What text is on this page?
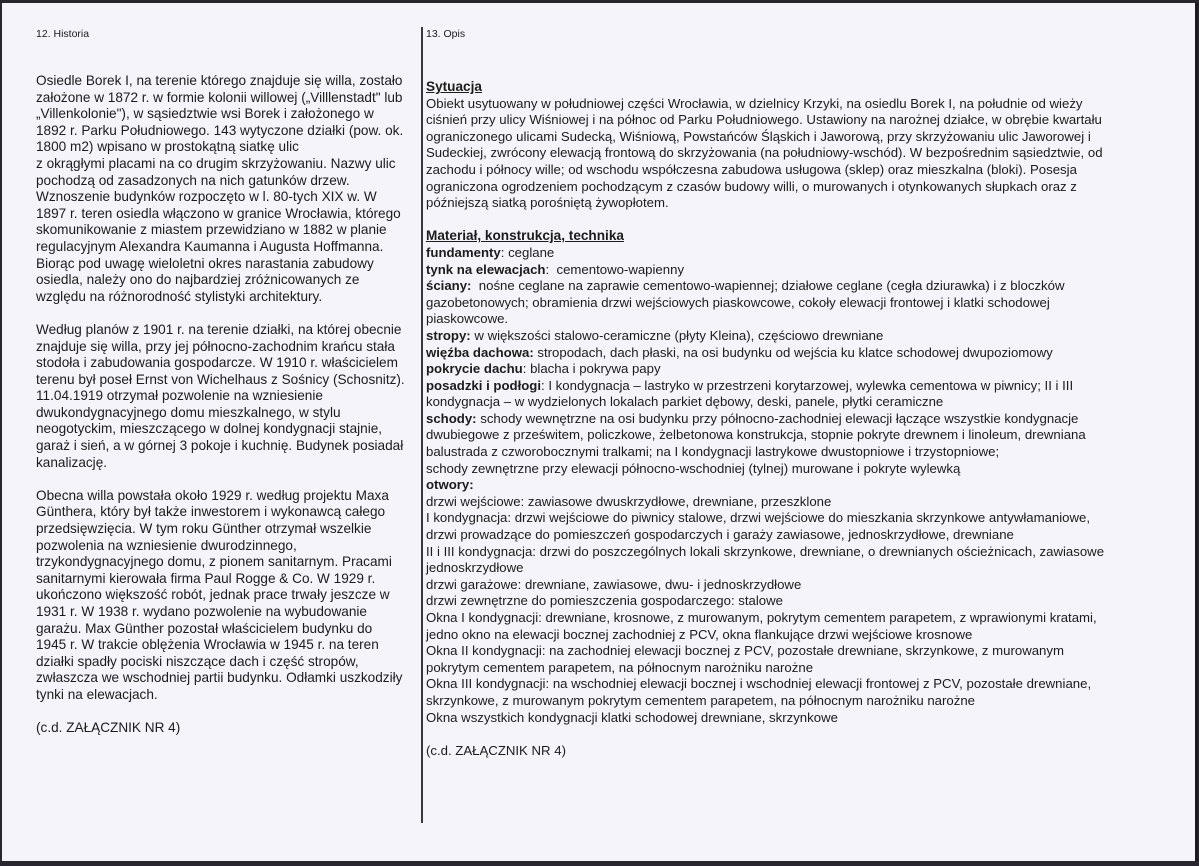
12. Historia

Osiedle Borek I, na terenie którego znajduje się willa, zostało
założone w 1872 r. w formie kolonii willowej („Villlenstadt" lub
„Villenkolonie"), w sąsiedztwie wsi Borek i założonego w
1892 r. Parku Południowego. 143 wytyczone działki (pow. ok.
1800 m2) wpisano w prostokątną siatkę ulic
z okrągłymi placami na co drugim skrzyżowaniu. Nazwy ulic
pochodzą od zasadzonych na nich gatunków drzew.
Wznoszenie budynków rozpoczęto w l. 80-tych XIX w. W
1897 r. teren osiedla włączono w granice Wrocławia, którego
skomunikowanie z miastem przewidziano w 1882 w planie
regulacyjnym Alexandra Kaumanna i Augusta Hoffmanna.
Biorąc pod uwagę wieloletni okres narastania zabudowy
osiedla, należy ono do najbardziej zróżnicowanych ze
względu na różnorodność stylistyki architektury.

Według planów z 1901 r. na terenie działki, na której obecnie
znajduje się willa, przy jej północno-zachodnim krańcu stała
stodoła i zabudowania gospodarcze. W 1910 r. właścicielem
terenu był poseł Ernst von Wichelhaus z Sośnicy (Schosnitz).
11.04.1919 otrzymał pozwolenie na wzniesienie
dwukondygnacyjnego domu mieszkalnego, w stylu
neogotyckim, mieszczącego w dolnej kondygnacji stajnie,
garaż i sień, a w górnej 3 pokoje i kuchnię. Budynek posiadał
kanalizację.

Obecna willa powstała około 1929 r. według projektu Maxa
Günthera, który był także inwestorem i wykonawcą całego
przedsięwzięcia. W tym roku Günther otrzymał wszelkie
pozwolenia na wzniesienie dwurodzinnego,
trzykondygnacyjnego domu, z pionem sanitarnym. Pracami
sanitarnymi kierowała firma Paul Rogge & Co. W 1929 r.
ukończono większość robót, jednak prace trwały jeszcze w
1931 r. W 1938 r. wydano pozwolenie na wybudowanie
garażu. Max Günther pozostał właścicielem budynku do
1945 r. W trakcie oblężenia Wrocławia w 1945 r. na teren
działki spadły pociski niszczące dach i część stropów,
zwłaszcza we wschodniej partii budynku. Odłamki uszkodziły
tynki na elewacjach.

(c.d. ZAŁĄCZNIK NR 4)

13. Opis

Sytuacja

Obiekt usytuowany w południowej części Wrocławia, w dzielnicy Krzyki, na osiedlu Borek I, na południe od wieży
ciśnień przy ulicy Wiśniowej i na północ od Parku Południowego. Ustawiony na narożnej działce, w obrębie kwartału
ograniczonego ulicami Sudecką, Wiśniową, Powstańców Śląskich i Jaworową, przy skrzyżowaniu ulic Jaworowej i
Sudeckiej, zwrócony elewacją frontową do skrzyżowania (na południowy-wschód). W bezpośrednim sąsiedztwie, od
zachodu i północy wille; od wschodu współczesna zabudowa usługowa (sklep) oraz mieszkalna (bloki). Posesja
ograniczona ogrodzeniem pochodzącym z czasów budowy willi, o murowanych i otynkowanych słupkach oraz z
późniejszą siatką porośniętą żywopłotem.

Materiał, konstrukcja, technika

fundamenty: ceglane

tynk na elewacjach:  cementowo-wapienny

ściany: nośne ceglane na zaprawie cementowo-wapiennej; działowe ceglane (cegła dziurawka) i z bloczków
gazobetonowych; obramienia drzwi wejściowych piaskowcowe, cokoły elewacji frontowej i klatki schodowej
piaskowcowe.

stropy: w większości stalowo-ceramiczne (płyty Kleina), częściowo drewniane

więźba dachowa: stropodach, dach płaski, na osi budynku od wejścia ku klatce schodowej dwupoziomowy

pokrycie dachu: blacha i pokrywa papy

posadzki i podłogi: I kondygnacja – lastryko w przestrzeni korytarzowej, wylewka cementowa w piwnicy; II i III
kondygnacja – w wydzielonych lokalach parkiet dębowy, deski, panele, płytki ceramiczne

schody: schody wewnętrzne na osi budynku przy północno-zachodniej elewacji łączące wszystkie kondygnacje
dwubiegowe z prześwitem, policzkowe, żelbetonowa konstrukcja, stopnie pokryte drewnem i linoleum, drewniana
balustrada z czworobocznymi tralkami; na I kondygnacji lastrykowe dwustopniowe i trzystopniowe;
schody zewnętrzne przy elewacji północno-wschodniej (tylnej) murowane i pokryte wylewką

otwory:
drzwi wejściowe: zawiasowe dwuskrzydłowe, drewniane, przeszklone
I kondygnacja: drzwi wejściowe do piwnicy stalowe, drzwi wejściowe do mieszkania skrzynkowe antywłamaniowe,
drzwi prowadzące do pomieszczeń gospodarczych i garaży zawiasowe, jednoskrzydłowe, drewniane
II i III kondygnacja: drzwi do poszczególnych lokali skrzynkowe, drewniane, o drewnianych ościeżnicach, zawiasowe
jednoskrzydłowe
drzwi garażowe: drewniane, zawiasowe, dwu- i jednoskrzydłowe
drzwi zewnętrzne do pomieszczenia gospodarczego: stalowe
Okna I kondygnacji: drewniane, krosnowe, z murowanym, pokrytym cementem parapetem, z wprawionymi kratami,
jedno okno na elewacji bocznej zachodniej z PCV, okna flankujące drzwi wejściowe krosnowe
Okna II kondygnacji: na zachodniej elewacji bocznej z PCV, pozostałe drewniane, skrzynkowe, z murowanym
pokrytym cementem parapetem, na północnym narożniku narożne
Okna III kondygnacji: na wschodniej elewacji bocznej i wschodniej elewacji frontowej z PCV, pozostałe drewniane,
skrzynkowe, z murowanym pokrytym cementem parapetem, na północnym narożniku narożne
Okna wszystkich kondygnacji klatki schodowej drewniane, skrzynkowe

(c.d. ZAŁĄCZNIK NR 4)
